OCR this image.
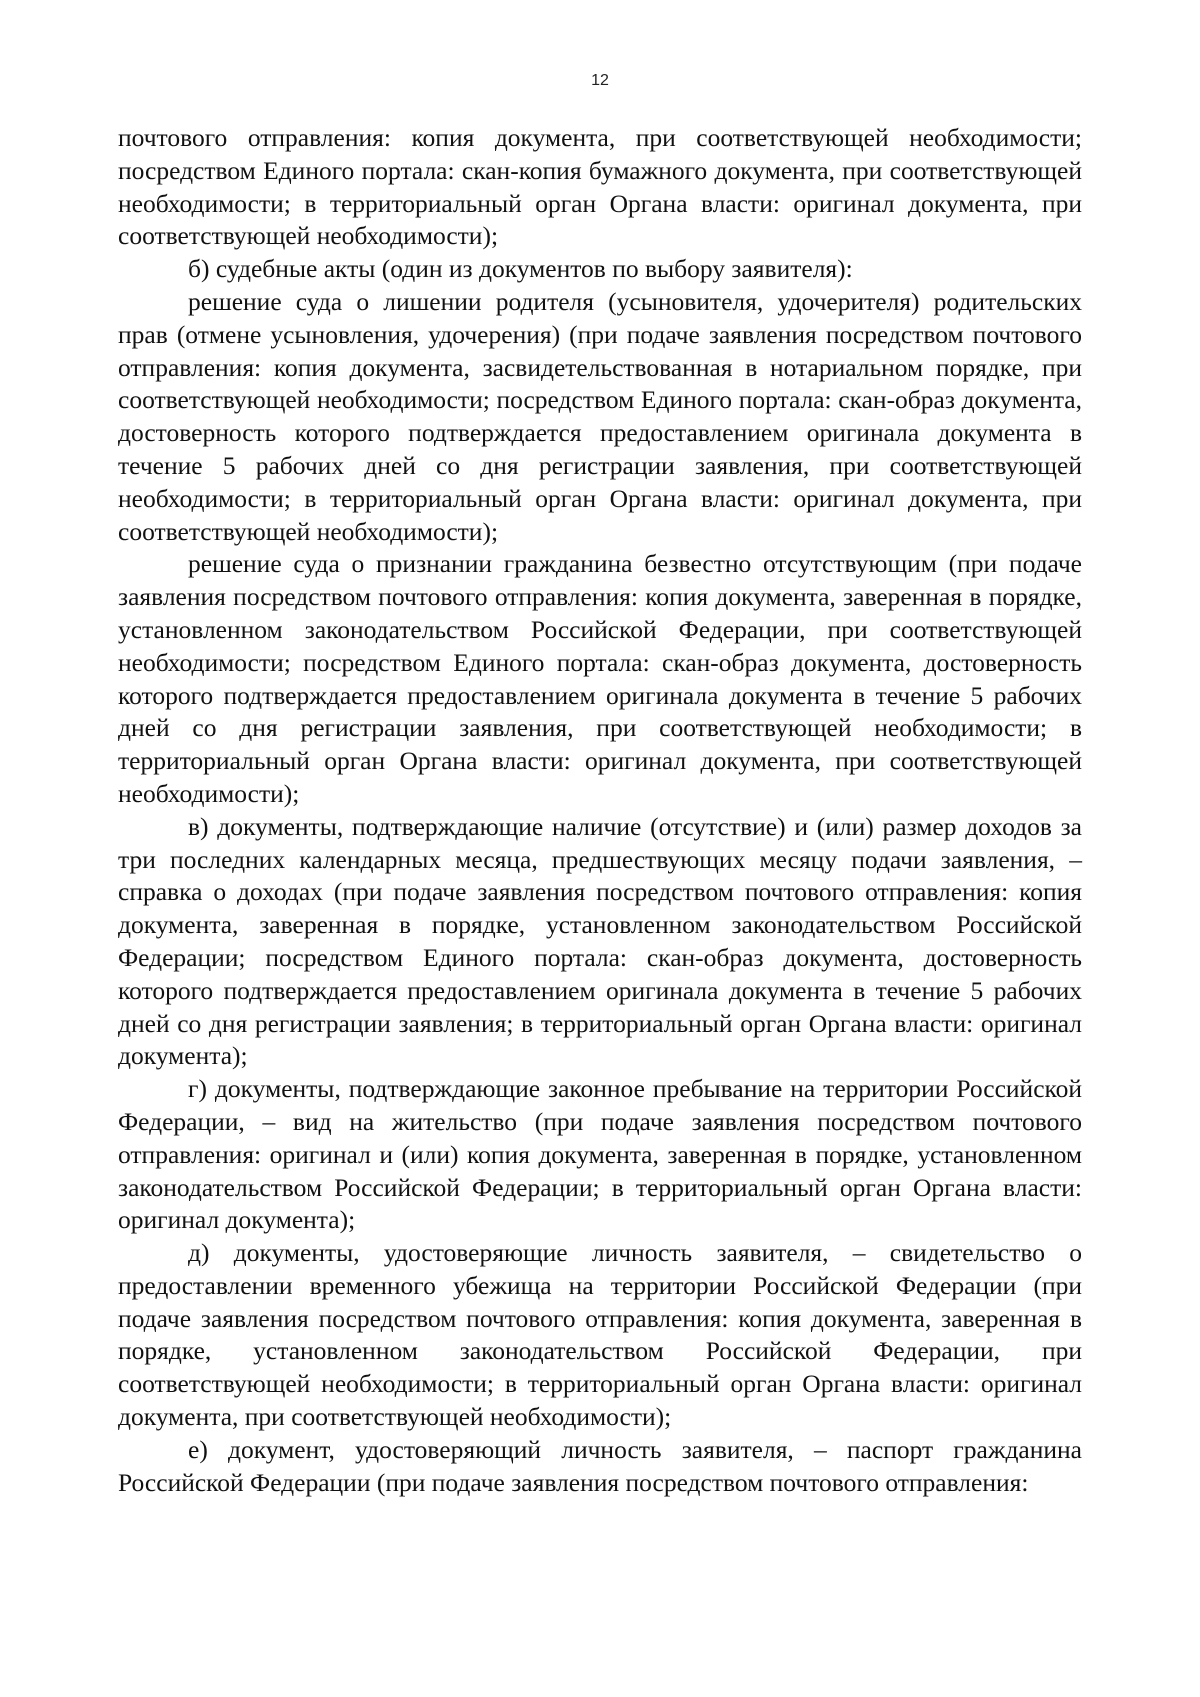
12

почтового отправления: копия документа, при соответствующей необходимости; посредством Единого портала: скан-копия бумажного документа, при соответствующей необходимости; в территориальный орган Органа власти: оригинал документа, при соответствующей необходимости);

б) судебные акты (один из документов по выбору заявителя):

решение суда о лишении родителя (усыновителя, удочерителя) родительских прав (отмене усыновления, удочерения) (при подаче заявления посредством почтового отправления: копия документа, засвидетельствованная в нотариальном порядке, при соответствующей необходимости; посредством Единого портала: скан-образ документа, достоверность которого подтверждается предоставлением оригинала документа в течение 5 рабочих дней со дня регистрации заявления, при соответствующей необходимости; в территориальный орган Органа власти: оригинал документа, при соответствующей необходимости);

решение суда о признании гражданина безвестно отсутствующим (при подаче заявления посредством почтового отправления: копия документа, заверенная в порядке, установленном законодательством Российской Федерации, при соответствующей необходимости; посредством Единого портала: скан-образ документа, достоверность которого подтверждается предоставлением оригинала документа в течение 5 рабочих дней со дня регистрации заявления, при соответствующей необходимости; в территориальный орган Органа власти: оригинал документа, при соответствующей необходимости);

в) документы, подтверждающие наличие (отсутствие) и (или) размер доходов за три последних календарных месяца, предшествующих месяцу подачи заявления, – справка о доходах (при подаче заявления посредством почтового отправления: копия документа, заверенная в порядке, установленном законодательством Российской Федерации; посредством Единого портала: скан-образ документа, достоверность которого подтверждается предоставлением оригинала документа в течение 5 рабочих дней со дня регистрации заявления; в территориальный орган Органа власти: оригинал документа);

г) документы, подтверждающие законное пребывание на территории Российской Федерации, – вид на жительство (при подаче заявления посредством почтового отправления: оригинал и (или) копия документа, заверенная в порядке, установленном законодательством Российской Федерации; в территориальный орган Органа власти: оригинал документа);

д) документы, удостоверяющие личность заявителя, – свидетельство о предоставлении временного убежища на территории Российской Федерации (при подаче заявления посредством почтового отправления: копия документа, заверенная в порядке, установленном законодательством Российской Федерации, при соответствующей необходимости; в территориальный орган Органа власти: оригинал документа, при соответствующей необходимости);

е) документ, удостоверяющий личность заявителя, – паспорт гражданина Российской Федерации (при подаче заявления посредством почтового отправления:
